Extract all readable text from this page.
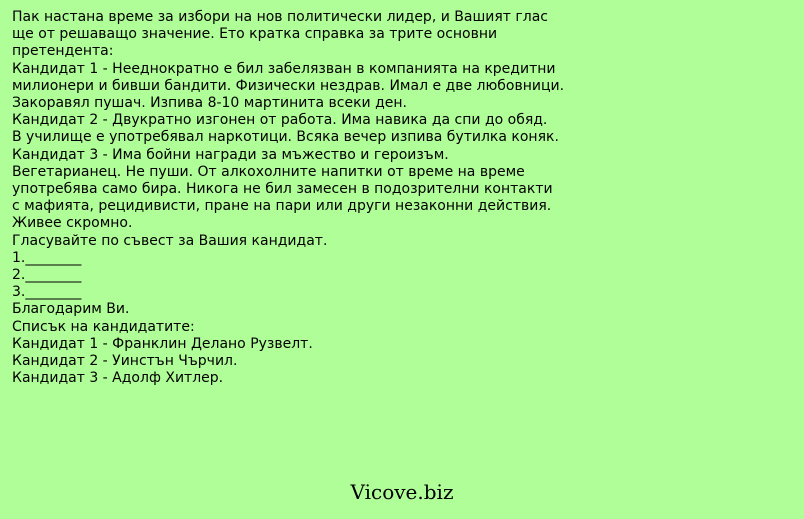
Пак настана време за избори на нов политически лидер, и Вашият глас
ще от решаващо значение. Ето кратка справка за трите основни
претендента:
Кандидат 1 - Нееднократно е бил забелязван в компанията на кредитни
милионери и бивши бандити. Физически нездрав. Имал е две любовници.
Закоравял пушач. Изпива 8-10 мартинита всеки ден.
Кандидат 2 - Двукратно изгонен от работа. Има навика да спи до обяд.
В училище е употребявал наркотици. Всяка вечер изпива бутилка коняк.
Кандидат 3 - Има бойни награди за мъжество и героизъм.
Вегетарианец. Не пуши. От алкохолните напитки от време на време
употребява само бира. Никога не бил замесен в подозрителни контакти
с мафията, рецидивисти, пране на пари или други незаконни действия.
Живее скромно.
Гласувайте по съвест за Вашия кандидат.
1.________
2.________
3.________
Благодарим Ви.
Списък на кандидатите:
Кандидат 1 - Франклин Делано Рузвелт.
Кандидат 2 - Уинстън Чърчил.
Кандидат 3 - Адолф Хитлер.
Vicove.biz
